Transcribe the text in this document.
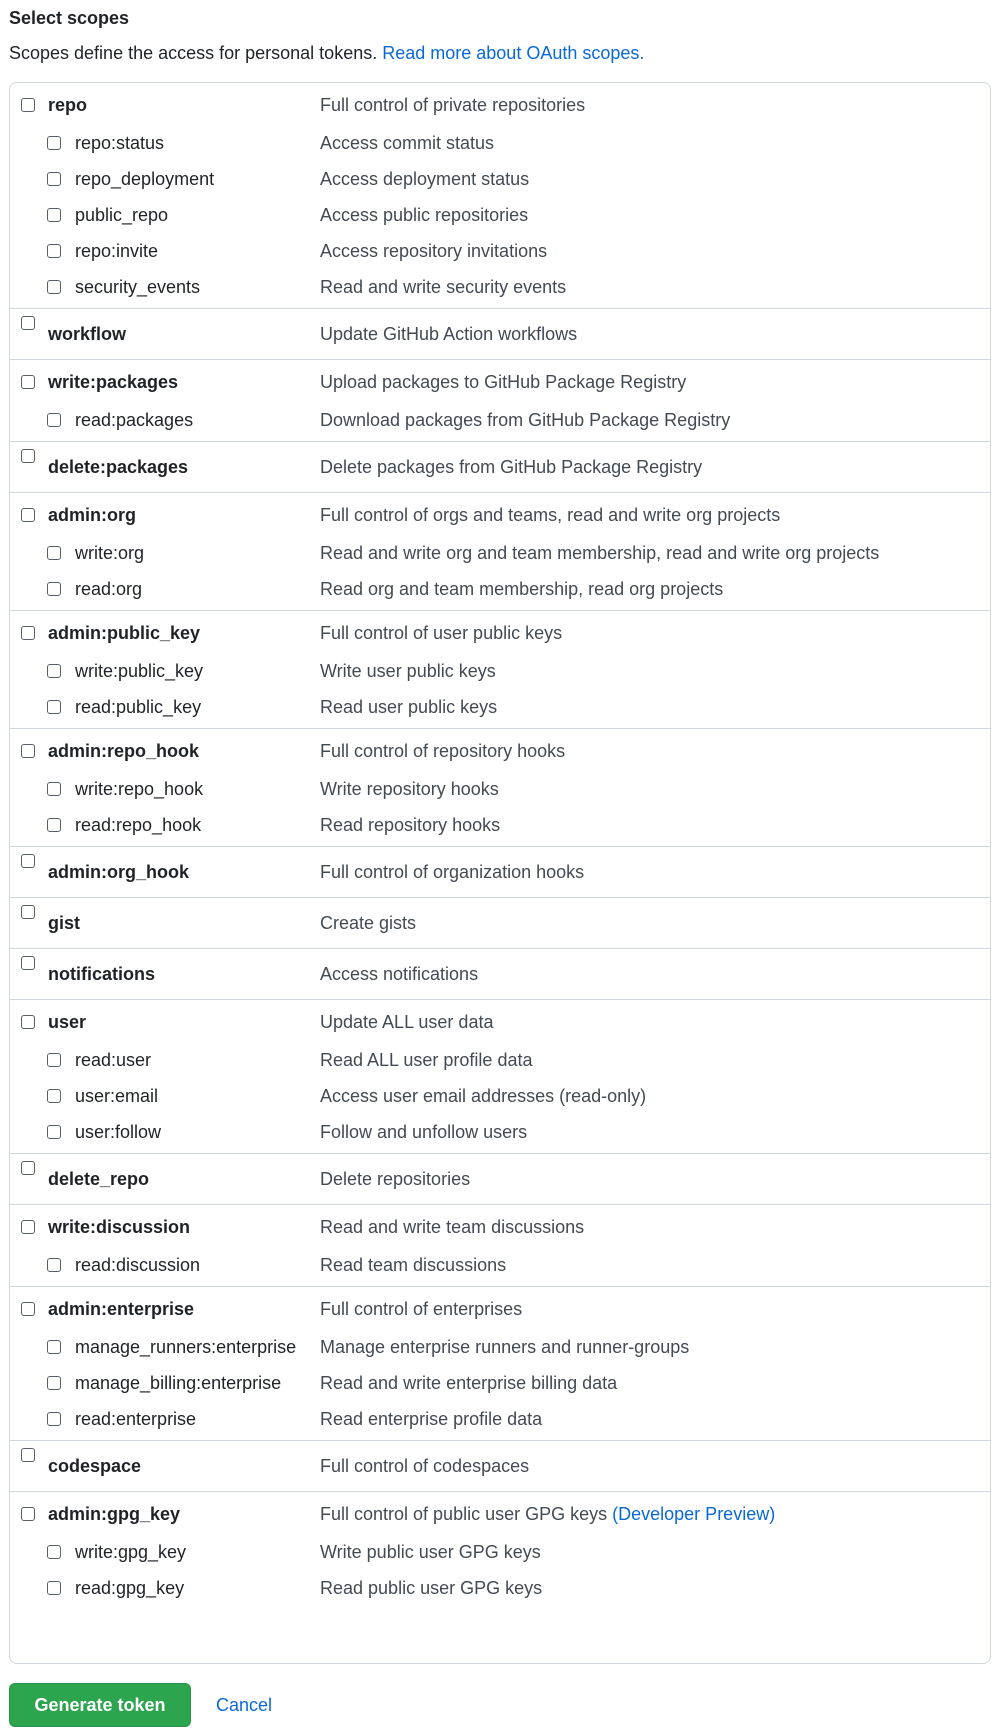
Select scopes
Scopes define the access for personal tokens. Read more about OAuth scopes.
repo	Full control of private repositories
repo:status	Access commit status
repo_deployment	Access deployment status
public_repo	Access public repositories
repo:invite	Access repository invitations
security_events	Read and write security events
workflow	Update GitHub Action workflows
write:packages	Upload packages to GitHub Package Registry
read:packages	Download packages from GitHub Package Registry
delete:packages	Delete packages from GitHub Package Registry
admin:org	Full control of orgs and teams, read and write org projects
write:org	Read and write org and team membership, read and write org projects
read:org	Read org and team membership, read org projects
admin:public_key	Full control of user public keys
write:public_key	Write user public keys
read:public_key	Read user public keys
admin:repo_hook	Full control of repository hooks
write:repo_hook	Write repository hooks
read:repo_hook	Read repository hooks
admin:org_hook	Full control of organization hooks
gist	Create gists
notifications	Access notifications
user	Update ALL user data
read:user	Read ALL user profile data
user:email	Access user email addresses (read-only)
user:follow	Follow and unfollow users
delete_repo	Delete repositories
write:discussion	Read and write team discussions
read:discussion	Read team discussions
admin:enterprise	Full control of enterprises
manage_runners:enterprise Manage enterprise runners and runner-groups
manage_billing:enterprise Read and write enterprise billing data
read:enterprise	Read enterprise profile data
codespace	Full control of codespaces
admin:gpg_key	Full control of public user GPG keys (Developer Preview)
write:gpg_key	Write public user GPG keys
read:gpg_key	Read public user GPG keys
Generate token	Cancel
